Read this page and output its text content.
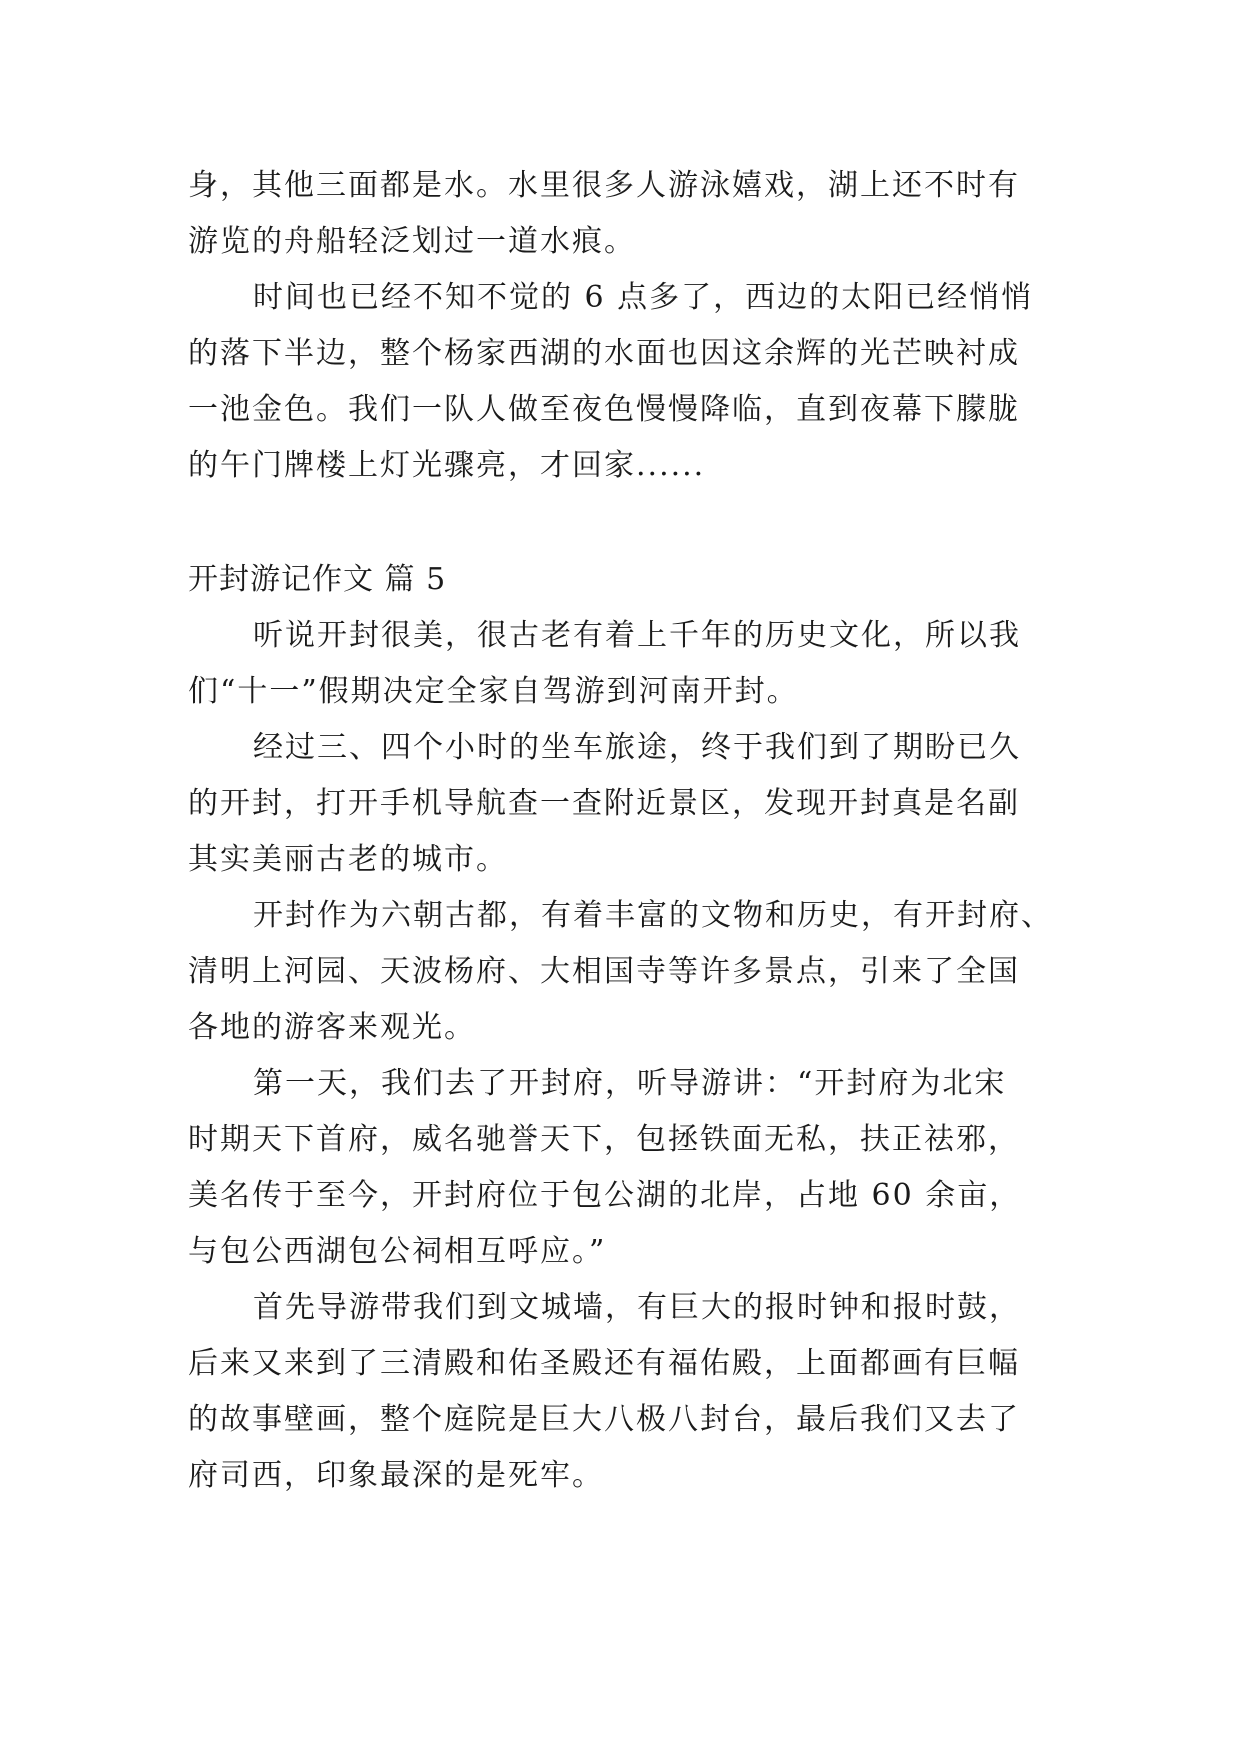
身，其他三面都是水。水里很多人游泳嬉戏，湖上还不时有
游览的舟船轻泛划过一道水痕。
时间也已经不知不觉的 6 点多了，西边的太阳已经悄悄
的落下半边，整个杨家西湖的水面也因这余辉的光芒映衬成
一池金色。我们一队人做至夜色慢慢降临，直到夜幕下朦胧
的午门牌楼上灯光骤亮，才回家......
开封游记作文 篇 5
听说开封很美，很古老有着上千年的历史文化，所以我
们“十一”假期决定全家自驾游到河南开封。
经过三、四个小时的坐车旅途，终于我们到了期盼已久
的开封，打开手机导航查一查附近景区，发现开封真是名副
其实美丽古老的城市。
开封作为六朝古都，有着丰富的文物和历史，有开封府、
清明上河园、天波杨府、大相国寺等许多景点，引来了全国
各地的游客来观光。
第一天，我们去了开封府，听导游讲：“开封府为北宋
时期天下首府，威名驰誉天下，包拯铁面无私，扶正祛邪，
美名传于至今，开封府位于包公湖的北岸，占地 60 余亩，
与包公西湖包公祠相互呼应。”
首先导游带我们到文城墙，有巨大的报时钟和报时鼓，
后来又来到了三清殿和佑圣殿还有福佑殿，上面都画有巨幅
的故事壁画，整个庭院是巨大八极八封台，最后我们又去了
府司西，印象最深的是死牢。
